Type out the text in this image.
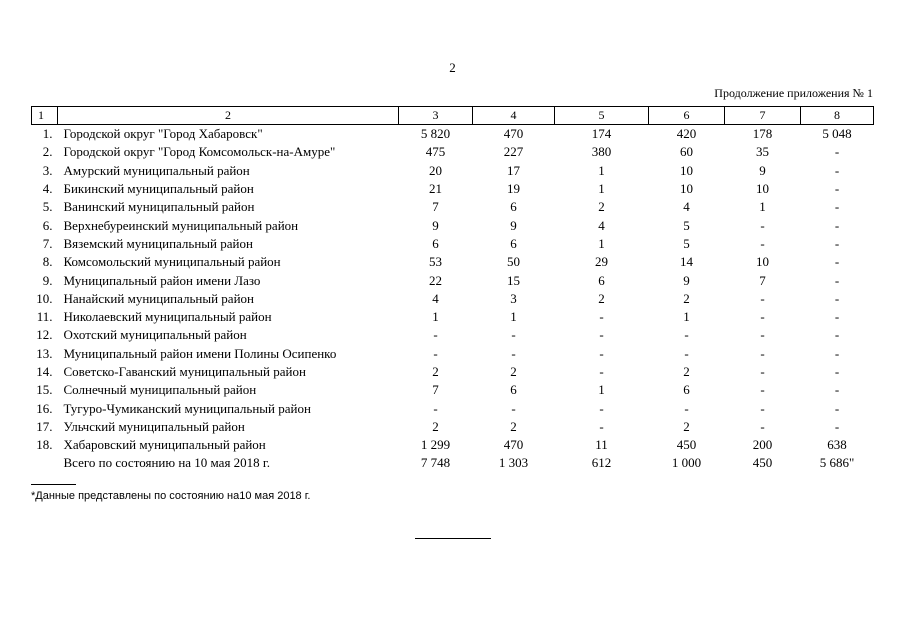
2
Продолжение приложения № 1
1	2	3	4	5	6	7	8
1.	Городской округ "Город Хабаровск"	5 820	470	174	420	178	5 048
2.	Городской округ "Город Комсомольск-на-Амуре"	475	227	380	60	35	-
3.	Амурский муниципальный район	20	17	1	10	9	-
4.	Бикинский муниципальный район	21	19	1	10	10	-
5.	Ванинский муниципальный район	7	6	2	4	1	-
6.	Верхнебуреинский муниципальный район	9	9	4	5	-	-
7.	Вяземский муниципальный район	6	6	1	5	-	-
8.	Комсомольский муниципальный район	53	50	29	14	10	-
9.	Муниципальный район имени Лазо	22	15	6	9	7	-
10.	Нанайский муниципальный район	4	3	2	2	-	-
11.	Николаевский муниципальный район	1	1	-	1	-	-
12.	Охотский муниципальный район	-	-	-	-	-	-
13.	Муниципальный район имени Полины Осипенко	-	-	-	-	-	-
14.	Советско-Гаванский муниципальный район	2	2	-	2	-	-
15.	Солнечный муниципальный район	7	6	1	6	-	-
16.	Тугуро-Чумиканский муниципальный район	-	-	-	-	-	-
17.	Ульчский муниципальный район	2	2	-	2	-	-
18.	Хабаровский муниципальный район	1 299	470	11	450	200	638
	Всего по состоянию на 10 мая 2018 г.	7 748	1 303	612	1 000	450	5 686"
*Данные представлены по состоянию на10 мая 2018 г.
